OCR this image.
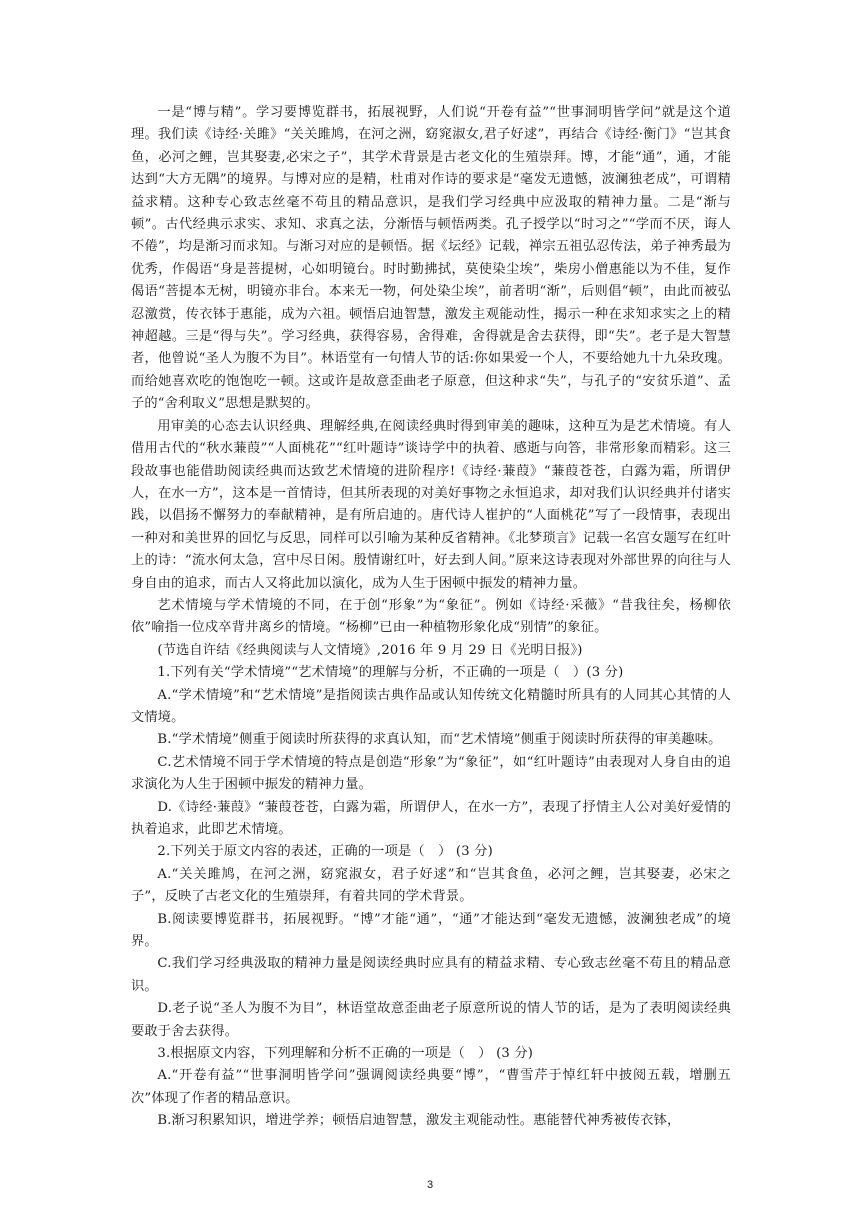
一是“博与精”。学习要博览群书，拓展视野，人们说“开卷有益”“世事洞明皆学问”就是这个道理。我们读《诗经·关雎》“关关雎鸠，在河之洲，窈窕淑女,君子好逑”，再结合《诗经·衡门》“岂其食鱼，必河之鲤，岂其娶妻,必宋之子”，其学术背景是古老文化的生殖崇拜。博，才能“通”，通，才能达到“大方无隅”的境界。与博对应的是精，杜甫对作诗的要求是“毫发无遗憾，波澜独老成”，可谓精益求精。这种专心致志丝毫不苟且的精品意识，是我们学习经典中应汲取的精神力量。二是“渐与顿”。古代经典示求实、求知、求真之法，分渐悟与顿悟两类。孔子授学以“时习之”“学而不厌，诲人不倦”，均是渐习而求知。与渐习对应的是顿悟。据《坛经》记载，禅宗五祖弘忍传法，弟子神秀最为优秀，作偈语“身是菩提树，心如明镜台。时时勤拂拭，莫使染尘埃”，柴房小僧惠能以为不佳，复作偈语“菩提本无树，明镜亦非台。本来无一物，何处染尘埃”，前者明“渐”，后则倡“顿”，由此而被弘忍激赏，传衣钵于惠能，成为六祖。顿悟启迪智慧，激发主观能动性，揭示一种在求知求实之上的精神超越。三是“得与失”。学习经典，获得容易，舍得难，舍得就是舍去获得，即“失”。老子是大智慧者，他曾说“圣人为腹不为目”。林语堂有一句情人节的话:你如果爱一个人，不要给她九十九朵玫瑰。而给她喜欢吃的饱饱吃一顿。这或许是故意歪曲老子原意，但这种求“失”，与孔子的“安贫乐道”、孟子的“舍利取义”思想是默契的。

用审美的心态去认识经典、理解经典,在阅读经典时得到审美的趣味，这种互为是艺术情境。有人借用古代的“秋水蒹葭”“人面桃花”“红叶题诗”谈诗学中的执着、感逝与向答，非常形象而精彩。这三段故事也能借助阅读经典而达致艺术情境的进阶程序!《诗经·蒹葭》“蒹葭苍苍，白露为霜，所谓伊人，在水一方”，这本是一首情诗，但其所表现的对美好事物之永恒追求，却对我们认识经典并付诸实践，以倡扬不懈努力的奉献精神，是有所启迪的。唐代诗人崔护的“人面桃花”写了一段情事，表现出一种对和美世界的回忆与反思，同样可以引喻为某种反省精神。《北梦琐言》记载一名宫女题写在红叶上的诗：“流水何太急，宫中尽日闲。殷情谢红叶，好去到人间。”原来这诗表现对外部世界的向往与人身自由的追求，而古人又将此加以演化，成为人生于困顿中振发的精神力量。

艺术情境与学术情境的不同，在于创“形象”为“象征”。例如《诗经·采薇》“昔我往矣，杨柳依依”喻指一位戍卒背井离乡的情境。“杨柳”已由一种植物形象化成“别情”的象征。

(节选自许结《经典阅读与人文情境》,2016 年 9 月 29 日《光明日报》)

1.下列有关“学术情境”“艺术情境”的理解与分析，不正确的一项是（　）(3 分)

A.“学术情境”和“艺术情境”是指阅读古典作品或认知传统文化精髓时所具有的人同其心其情的人文情境。

B.“学术情境”侧重于阅读时所获得的求真认知，而“艺术情境”侧重于阅读时所获得的审美趣味。

C.艺术情境不同于学术情境的特点是创造“形象”为“象征”，如“红叶题诗”由表现对人身自由的追求演化为人生于困顿中振发的精神力量。

D.《诗经·蒹葭》“蒹葭苍苍，白露为霜，所谓伊人，在水一方”，表现了抒情主人公对美好爱情的执着追求，此即艺术情境。

2.下列关于原文内容的表述，正确的一项是（　） (3 分)

A.“关关雎鸠，在河之洲，窈窕淑女，君子好逑”和“岂其食鱼，必河之鲤，岂其娶妻，必宋之子”，反映了古老文化的生殖崇拜，有着共同的学术背景。

B.阅读要博览群书，拓展视野。“博”才能“通”，“通”才能达到“毫发无遗憾，波澜独老成”的境界。

C.我们学习经典汲取的精神力量是阅读经典时应具有的精益求精、专心致志丝毫不苟且的精品意识。

D.老子说“圣人为腹不为目”，林语堂故意歪曲老子原意所说的情人节的话，是为了表明阅读经典要敢于舍去获得。

3.根据原文内容，下列理解和分析不正确的一项是（　） (3 分)

A.“开卷有益”“世事洞明皆学问”强调阅读经典要“博”，“曹雪芹于悼红轩中披阅五载，增删五次”体现了作者的精品意识。

B.渐习积累知识，增进学养；顿悟启迪智慧，激发主观能动性。惠能替代神秀被传衣钵，

3
